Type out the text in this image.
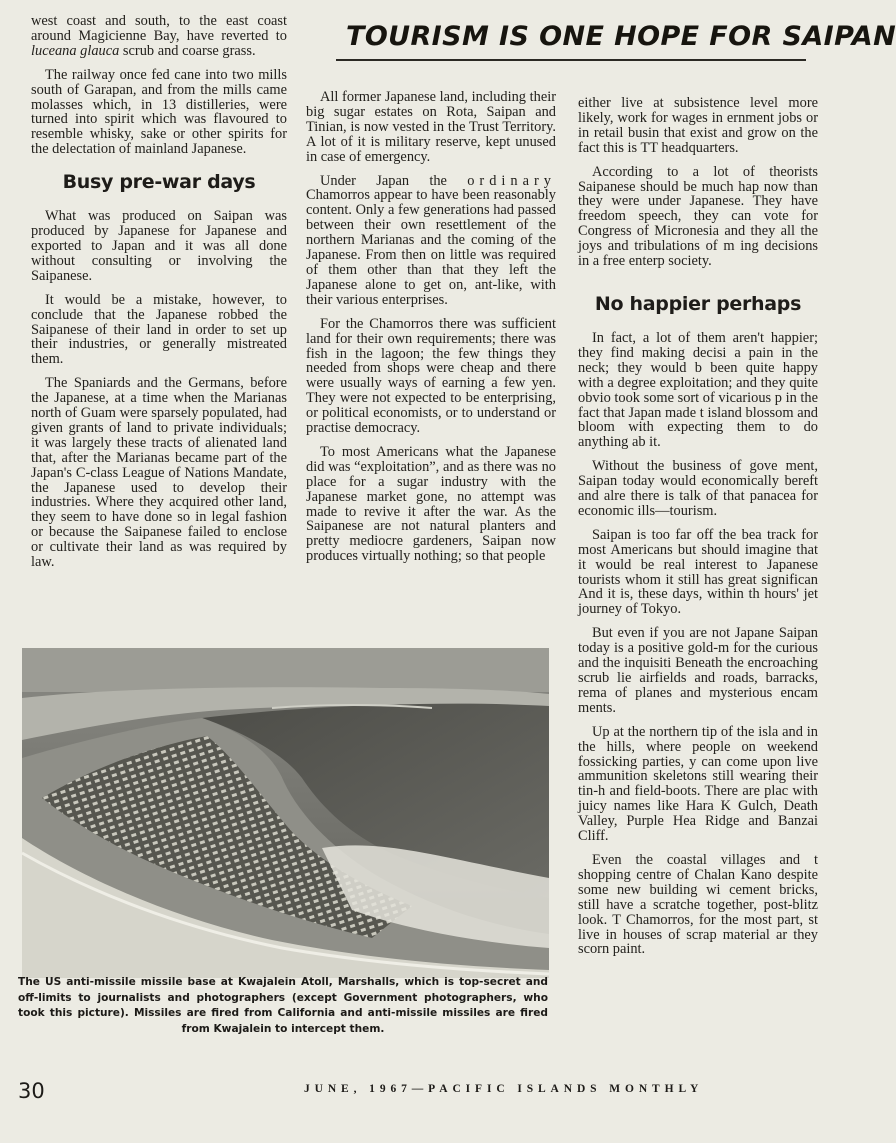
west coast and south, to the east coast around Magicienne Bay, have reverted to luceana glauca scrub and coarse grass.

The railway once fed cane into two mills south of Garapan, and from the mills came molasses which, in 13 distilleries, were turned into spirit which was flavoured to resemble whisky, sake or other spirits for the delectation of mainland Japanese.

Busy pre-war days

What was produced on Saipan was produced by Japanese for Japanese and exported to Japan and it was all done without consulting or involving the Saipanese.

It would be a mistake, however, to conclude that the Japanese robbed the Saipanese of their land in order to set up their industries, or generally mistreated them.

The Spaniards and the Germans, before the Japanese, at a time when the Marianas north of Guam were sparsely populated, had given grants of land to private individuals; it was largely these tracts of alienated land that, after the Marianas became part of the Japan's C-class League of Nations Mandate, the Japanese used to develop their industries. Where they acquired other land, they seem to have done so in legal fashion or because the Saipanese failed to enclose or cultivate their land as was required by law.

TOURISM IS ONE HOPE FOR SAIPAN

All former Japanese land, including their big sugar estates on Rota, Saipan and Tinian, is now vested in the Trust Territory. A lot of it is military reserve, kept unused in case of emergency.

Under Japan the ordinary Chamorros appear to have been reasonably content. Only a few generations had passed between their own resettlement of the northern Marianas and the coming of the Japanese. From then on little was required of them other than that they left the Japanese alone to get on, ant-like, with their various enterprises.

For the Chamorros there was sufficient land for their own requirements; there was fish in the lagoon; the few things they needed from shops were cheap and there were usually ways of earning a few yen. They were not expected to be enterprising, or political economists, or to understand or practise democracy.

To most Americans what the Japanese did was “exploitation”, and as there was no place for a sugar industry with the Japanese market gone, no attempt was made to revive it after the war. As the Saipanese are not natural planters and pretty mediocre gardeners, Saipan now produces virtually nothing; so that people

either live at subsistence level more likely, work for wages in ernment jobs or in retail busin that exist and grow on the fact this is TT headquarters.

According to a lot of theorists Saipanese should be much hap now than they were under Japanese. They have freedom speech, they can vote for Congress of Micronesia and they all the joys and tribulations of m ing decisions in a free enterp society.

No happier perhaps

In fact, a lot of them aren't happier; they find making decisi a pain in the neck; they would b been quite happy with a degree exploitation; and they quite obvio took some sort of vicarious p in the fact that Japan made t island blossom and bloom with expecting them to do anything ab it.

Without the business of gove ment, Saipan today would economically bereft and alre there is talk of that panacea for economic ills—tourism.

Saipan is too far off the bea track for most Americans but should imagine that it would be real interest to Japanese tourists whom it still has great significan And it is, these days, within th hours' jet journey of Tokyo.

But even if you are not Japane Saipan today is a positive gold-m for the curious and the inquisiti Beneath the encroaching scrub lie airfields and roads, barracks, rema of planes and mysterious encam ments.

Up at the northern tip of the isla and in the hills, where people on weekend fossicking parties, y can come upon live ammunition skeletons still wearing their tin-h and field-boots. There are plac with juicy names like Hara K Gulch, Death Valley, Purple Hea Ridge and Banzai Cliff.

Even the coastal villages and t shopping centre of Chalan Kano despite some new building wi cement bricks, still have a scratche together, post-blitz look. T Chamorros, for the most part, st live in houses of scrap material ar they scorn paint.

The US anti-missile missile base at Kwajalein Atoll, Marshalls, which is top-secret and off-limits to journalists and photographers (except Government photographers, who took this picture). Missiles are fired from California and anti-missile missiles are fired from Kwajalein to intercept them.
30	JUNE, 1967—PACIFIC ISLANDS MONTHLY
